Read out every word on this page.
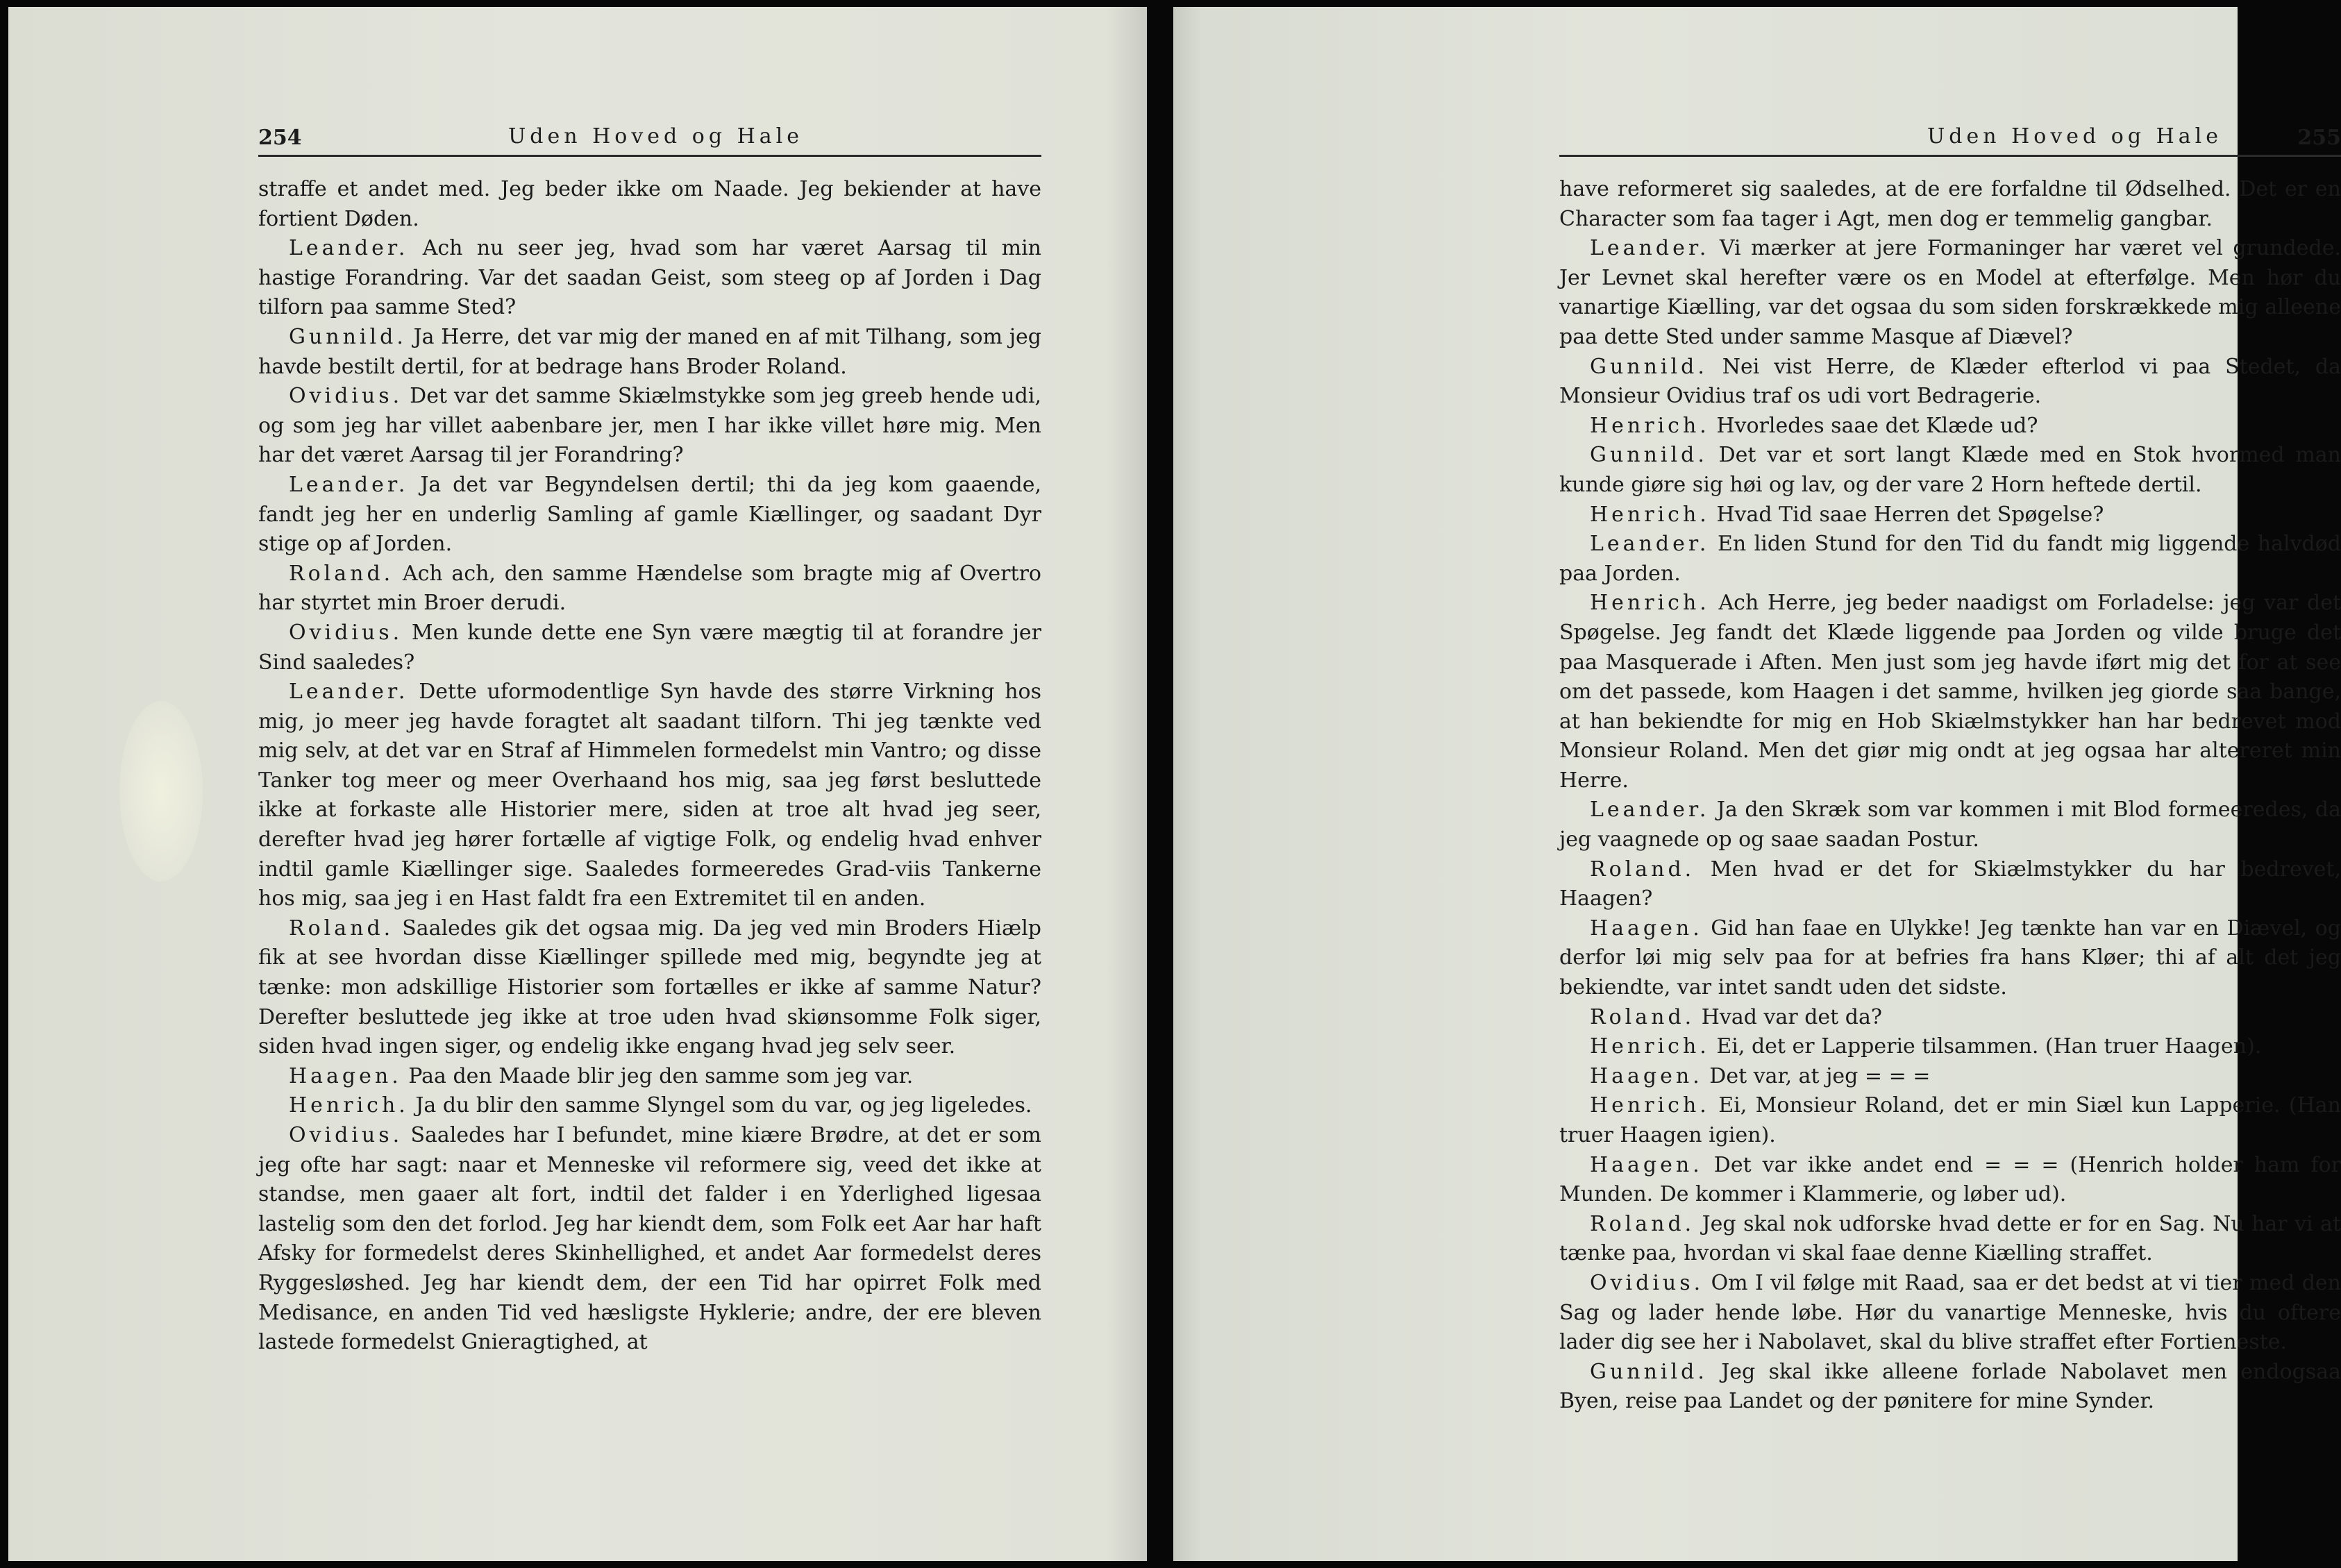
254	Uden Hoved og Hale

straffe et andet med. Jeg beder ikke om Naade. Jeg bekiender at have fortient Døden.

Leander. Ach nu seer jeg, hvad som har været Aarsag til min hastige Forandring. Var det saadan Geist, som steeg op af Jorden i Dag tilforn paa samme Sted?

Gunnild. Ja Herre, det var mig der maned en af mit Tilhang, som jeg havde bestilt dertil, for at bedrage hans Broder Roland.

Ovidius. Det var det samme Skiælmstykke som jeg greeb hende udi, og som jeg har villet aabenbare jer, men I har ikke villet høre mig. Men har det været Aarsag til jer Forandring?

Leander. Ja det var Begyndelsen dertil; thi da jeg kom gaaende, fandt jeg her en underlig Samling af gamle Kiællinger, og saadant Dyr stige op af Jorden.

Roland. Ach ach, den samme Hændelse som bragte mig af Overtro har styrtet min Broer derudi.

Ovidius. Men kunde dette ene Syn være mægtig til at forandre jer Sind saaledes?

Leander. Dette uformodentlige Syn havde des større Virkning hos mig, jo meer jeg havde foragtet alt saadant tilforn. Thi jeg tænkte ved mig selv, at det var en Straf af Himmelen formedelst min Vantro; og disse Tanker tog meer og meer Overhaand hos mig, saa jeg først besluttede ikke at forkaste alle Historier mere, siden at troe alt hvad jeg seer, derefter hvad jeg hører fortælle af vigtige Folk, og endelig hvad enhver indtil gamle Kiællinger sige. Saaledes formeeredes Grad-viis Tankerne hos mig, saa jeg i en Hast faldt fra een Extremitet til en anden.

Roland. Saaledes gik det ogsaa mig. Da jeg ved min Broders Hiælp fik at see hvordan disse Kiællinger spillede med mig, begyndte jeg at tænke: mon adskillige Historier som fortælles er ikke af samme Natur? Derefter besluttede jeg ikke at troe uden hvad skiønsomme Folk siger, siden hvad ingen siger, og endelig ikke engang hvad jeg selv seer.

Haagen. Paa den Maade blir jeg den samme som jeg var.

Henrich. Ja du blir den samme Slyngel som du var, og jeg ligeledes.

Ovidius. Saaledes har I befundet, mine kiære Brødre, at det er som jeg ofte har sagt: naar et Menneske vil reformere sig, veed det ikke at standse, men gaaer alt fort, indtil det falder i en Yderlighed ligesaa lastelig som den det forlod. Jeg har kiendt dem, som Folk eet Aar har haft Afsky for formedelst deres Skinhellighed, et andet Aar formedelst deres Ryggesløshed. Jeg har kiendt dem, der een Tid har opirret Folk med Medisance, en anden Tid ved hæsligste Hyklerie; andre, der ere bleven lastede formedelst Gnieragtighed, at

Uden Hoved og Hale	255

have reformeret sig saaledes, at de ere forfaldne til Ødselhed. Det er en Character som faa tager i Agt, men dog er temmelig gangbar.

Leander. Vi mærker at jere Formaninger har været vel grundede. Jer Levnet skal herefter være os en Model at efterfølge. Men hør du vanartige Kiælling, var det ogsaa du som siden forskrækkede mig alleene paa dette Sted under samme Masque af Diævel?

Gunnild. Nei vist Herre, de Klæder efterlod vi paa Stedet, da Monsieur Ovidius traf os udi vort Bedragerie.

Henrich. Hvorledes saae det Klæde ud?

Gunnild. Det var et sort langt Klæde med en Stok hvormed man kunde giøre sig høi og lav, og der vare 2 Horn heftede dertil.

Henrich. Hvad Tid saae Herren det Spøgelse?

Leander. En liden Stund for den Tid du fandt mig liggende halvdød paa Jorden.

Henrich. Ach Herre, jeg beder naadigst om Forladelse: jeg var det Spøgelse. Jeg fandt det Klæde liggende paa Jorden og vilde bruge det paa Masquerade i Aften. Men just som jeg havde iført mig det for at see om det passede, kom Haagen i det samme, hvilken jeg giorde saa bange, at han bekiendte for mig en Hob Skiælmstykker han har bedrevet mod Monsieur Roland. Men det giør mig ondt at jeg ogsaa har altereret min Herre.

Leander. Ja den Skræk som var kommen i mit Blod formeeredes, da jeg vaagnede op og saae saadan Postur.

Roland. Men hvad er det for Skiælmstykker du har bedrevet, Haagen?

Haagen. Gid han faae en Ulykke! Jeg tænkte han var en Diævel, og derfor løi mig selv paa for at befries fra hans Kløer; thi af alt det jeg bekiendte, var intet sandt uden det sidste.

Roland. Hvad var det da?

Henrich. Ei, det er Lapperie tilsammen. (Han truer Haagen).

Haagen. Det var, at jeg = = =

Henrich. Ei, Monsieur Roland, det er min Siæl kun Lapperie. (Han truer Haagen igien).

Haagen. Det var ikke andet end = = = (Henrich holder ham for Munden. De kommer i Klammerie, og løber ud).

Roland. Jeg skal nok udforske hvad dette er for en Sag. Nu har vi at tænke paa, hvordan vi skal faae denne Kiælling straffet.

Ovidius. Om I vil følge mit Raad, saa er det bedst at vi tier med den Sag og lader hende løbe. Hør du vanartige Menneske, hvis du oftere lader dig see her i Nabolavet, skal du blive straffet efter Fortieneste.

Gunnild. Jeg skal ikke alleene forlade Nabolavet men endogsaa Byen, reise paa Landet og der pønitere for mine Synder.
